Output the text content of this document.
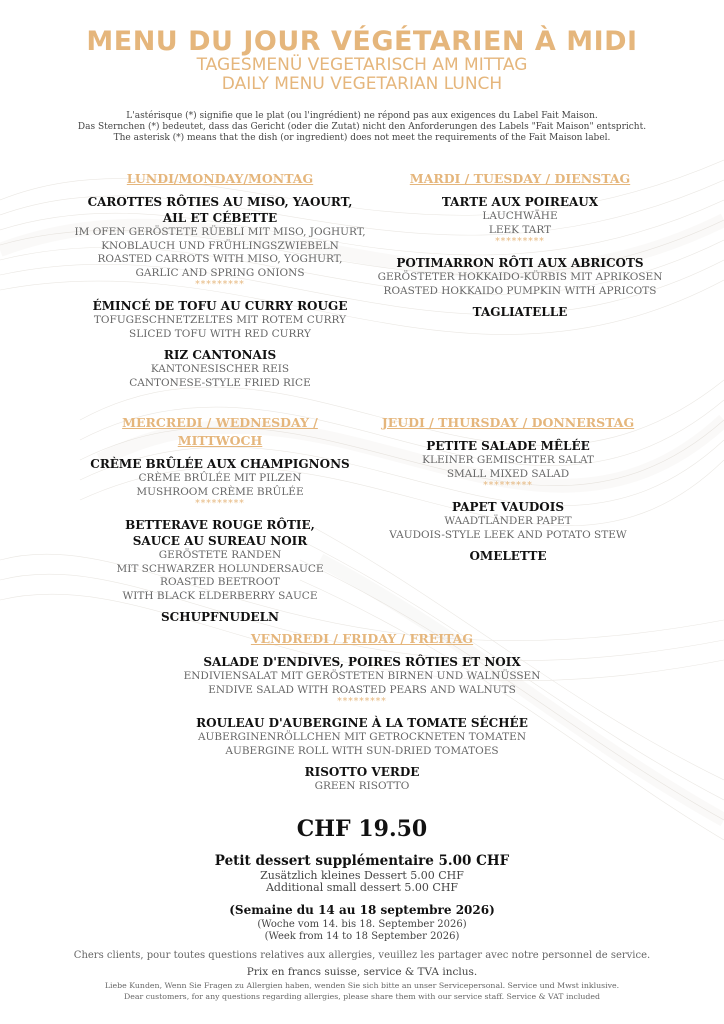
MENU DU JOUR VÉGÉTARIEN À MIDI
TAGESMENÜ VEGETARISCH AM MITTAG
DAILY MENU VEGETARIAN LUNCH
L'astérisque (*) signifie que le plat (ou l'ingrédient) ne répond pas aux exigences du Label Fait Maison.
Das Sternchen (*) bedeutet, dass das Gericht (oder die Zutat) nicht den Anforderungen des Labels "Fait Maison" entspricht.
The asterisk (*) means that the dish (or ingredient) does not meet the requirements of the Fait Maison label.
LUNDI/MONDAY/MONTAG
CAROTTES RÔTIES AU MISO, YAOURT,
AIL ET CÉBETTE
IM OFEN GERÖSTETE RÜEBLI MIT MISO, JOGHURT,
KNOBLAUCH UND FRÜHLINGSZWIEBELN
ROASTED CARROTS WITH MISO, YOGHURT,
GARLIC AND SPRING ONIONS
*********
ÉMINCÉ DE TOFU AU CURRY ROUGE
TOFUGESCHNETZELTES MIT ROTEM CURRY
SLICED TOFU WITH RED CURRY
RIZ CANTONAIS
KANTONESISCHER REIS
CANTONESE-STYLE FRIED RICE
MARDI / TUESDAY / DIENSTAG
TARTE AUX POIREAUX
LAUCHWÄHE
LEEK TART
*********
POTIMARRON RÔTI AUX ABRICOTS
GERÖSTETER HOKKAIDO-KÜRBIS MIT APRIKOSEN
ROASTED HOKKAIDO PUMPKIN WITH APRICOTS
TAGLIATELLE
MERCREDI / WEDNESDAY /
MITTWOCH
CRÈME BRÛLÉE AUX CHAMPIGNONS
CRÈME BRÛLÉE MIT PILZEN
MUSHROOM CRÈME BRÛLÉE
*********
BETTERAVE ROUGE RÔTIE,
SAUCE AU SUREAU NOIR
GERÖSTETE RANDEN
MIT SCHWARZER HOLUNDERSAUCE
ROASTED BEETROOT
WITH BLACK ELDERBERRY SAUCE
SCHUPFNUDELN
JEUDI / THURSDAY / DONNERSTAG
PETITE SALADE MÊLÉE
KLEINER GEMISCHTER SALAT
SMALL MIXED SALAD
*********
PAPET VAUDOIS
WAADTLÄNDER PAPET
VAUDOIS-STYLE LEEK AND POTATO STEW
OMELETTE
VENDREDI / FRIDAY / FREITAG
SALADE D'ENDIVES, POIRES RÔTIES ET NOIX
ENDIVIENSALAT MIT GERÖSTETEN BIRNEN UND WALNÜSSEN
ENDIVE SALAD WITH ROASTED PEARS AND WALNUTS
*********
ROULEAU D'AUBERGINE À LA TOMATE SÉCHÉE
AUBERGINENRÖLLCHEN MIT GETROCKNETEN TOMATEN
AUBERGINE ROLL WITH SUN-DRIED TOMATOES
RISOTTO VERDE
GREEN RISOTTO
CHF 19.50
Petit dessert supplémentaire 5.00 CHF
Zusätzlich kleines Dessert 5.00 CHF
Additional small dessert 5.00 CHF
(Semaine du 14 au 18 septembre 2026)
(Woche vom 14. bis 18. September 2026)
(Week from 14 to 18 September 2026)
Chers clients, pour toutes questions relatives aux allergies, veuillez les partager avec notre personnel de service.
Prix en francs suisse, service & TVA inclus.
Liebe Kunden, Wenn Sie Fragen zu Allergien haben, wenden Sie sich bitte an unser Servicepersonal. Service und Mwst inklusive.
Dear customers, for any questions regarding allergies, please share them with our service staff. Service & VAT included
